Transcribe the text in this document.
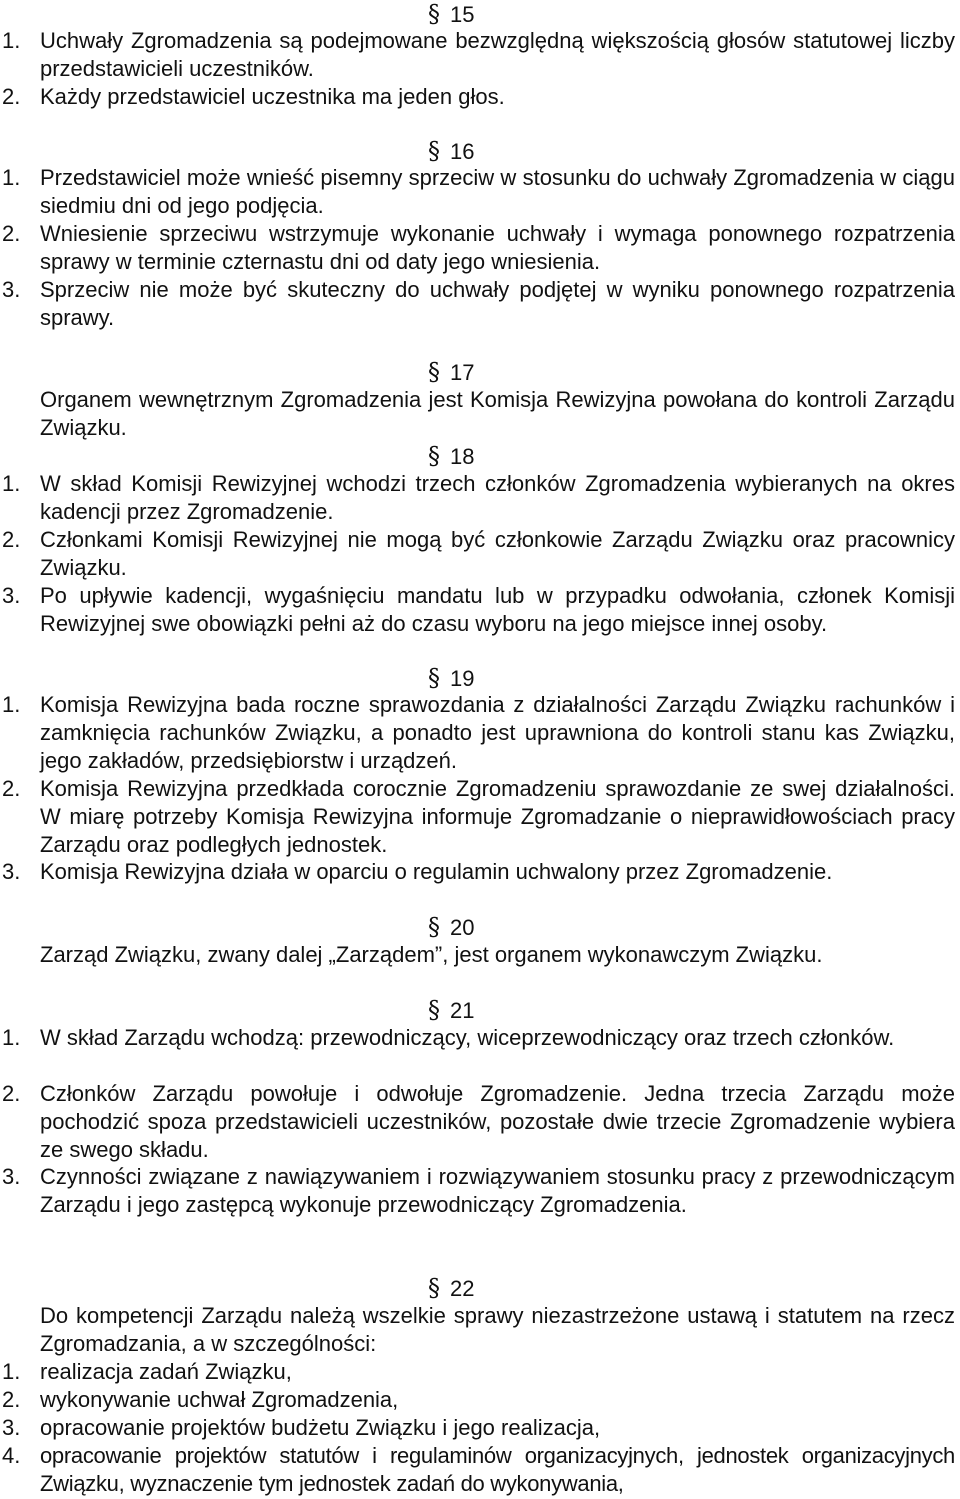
§ 15
1. Uchwały Zgromadzenia są podejmowane bezwzględną większością głosów statutowej liczby przedstawicieli uczestników.
2. Każdy przedstawiciel uczestnika ma jeden głos.
§ 16
1. Przedstawiciel może wnieść pisemny sprzeciw w stosunku do uchwały Zgromadzenia w ciągu siedmiu dni od jego podjęcia.
2. Wniesienie sprzeciwu wstrzymuje wykonanie uchwały i wymaga ponownego rozpatrzenia sprawy w terminie czternastu dni od daty jego wniesienia.
3. Sprzeciw nie może być skuteczny do uchwały podjętej w wyniku ponownego rozpatrzenia sprawy.
§ 17
Organem wewnętrznym Zgromadzenia jest Komisja Rewizyjna powołana do kontroli Zarządu Związku.
§ 18
1. W skład Komisji Rewizyjnej wchodzi trzech członków Zgromadzenia wybieranych na okres kadencji przez Zgromadzenie.
2. Członkami Komisji Rewizyjnej nie mogą być członkowie Zarządu Związku oraz pracownicy Związku.
3. Po upływie kadencji, wygaśnięciu mandatu lub w przypadku odwołania, członek Komisji Rewizyjnej swe obowiązki pełni aż do czasu wyboru na jego miejsce innej osoby.
§ 19
1. Komisja Rewizyjna bada roczne sprawozdania z działalności Zarządu Związku rachunków i zamknięcia rachunków Związku, a ponadto jest uprawniona do kontroli stanu kas Związku, jego zakładów, przedsiębiorstw i urządzeń.
2. Komisja Rewizyjna przedkłada corocznie Zgromadzeniu sprawozdanie ze swej działalności. W miarę potrzeby Komisja Rewizyjna informuje Zgromadzanie o nieprawidłowościach pracy Zarządu oraz podległych jednostek.
3. Komisja Rewizyjna działa w oparciu o regulamin uchwalony przez Zgromadzenie.
§ 20
Zarząd Związku, zwany dalej „Zarządem”, jest organem wykonawczym Związku.
§ 21
1. W skład Zarządu wchodzą: przewodniczący, wiceprzewodniczący oraz trzech członków.
2. Członków Zarządu powołuje i odwołuje Zgromadzenie. Jedna trzecia Zarządu może pochodzić spoza przedstawicieli uczestników, pozostałe dwie trzecie Zgromadzenie wybiera ze swego składu.
3. Czynności związane z nawiązywaniem i rozwiązywaniem stosunku pracy z przewodniczącym Zarządu i jego zastępcą wykonuje przewodniczący Zgromadzenia.
§ 22
Do kompetencji Zarządu należą wszelkie sprawy niezastrzeżone ustawą i statutem na rzecz Zgromadzania, a w szczególności:
1. realizacja zadań Związku,
2. wykonywanie uchwał Zgromadzenia,
3. opracowanie projektów budżetu Związku i jego realizacja,
4. opracowanie projektów statutów i regulaminów organizacyjnych, jednostek organizacyjnych Związku, wyznaczenie tym jednostek zadań do wykonywania,
